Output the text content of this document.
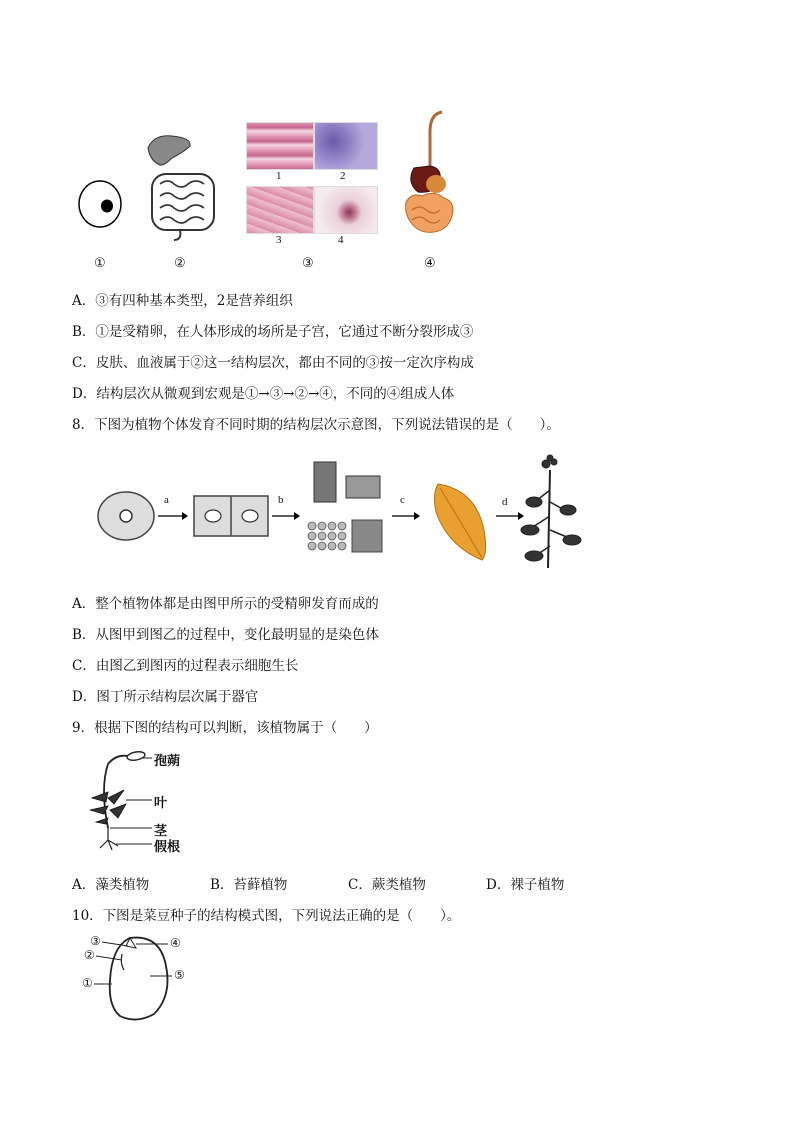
1	2
3	4
①	②	③	④
A．③有四种基本类型，2是营养组织
B．①是受精卵，在人体形成的场所是子宫，它通过不断分裂形成③
C．皮肤、血液属于②这一结构层次，都由不同的③按一定次序构成
D．结构层次从微观到宏观是①→③→②→④，不同的④组成人体
8．下图为植物个体发育不同时期的结构层次示意图，下列说法错误的是（　　）。
a	b	c	d
A．整个植物体都是由图甲所示的受精卵发育而成的
B．从图甲到图乙的过程中，变化最明显的是染色体
C．由图乙到图丙的过程表示细胞生长
D．图丁所示结构层次属于器官
9．根据下图的结构可以判断，该植物属于（　　）
孢蒴
叶
茎
假根
A．藻类植物	B．苔藓植物	C．蕨类植物	D．裸子植物
10．下图是菜豆种子的结构模式图，下列说法正确的是（　　）。
③
②
①
④
⑤
